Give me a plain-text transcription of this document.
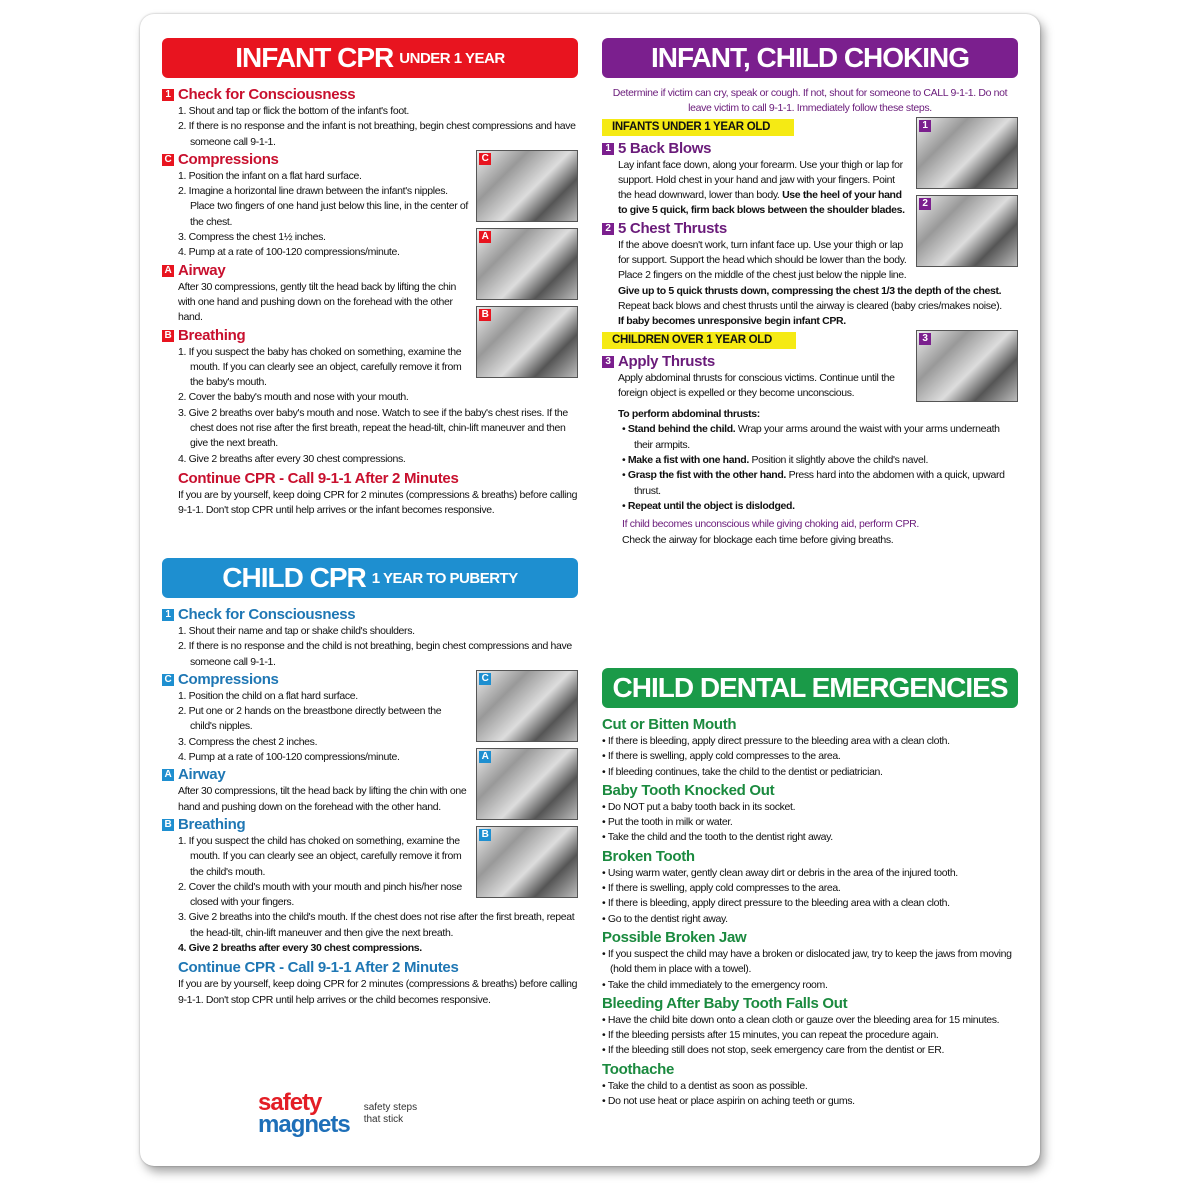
INFANT CPR UNDER 1 YEAR
1 Check for Consciousness
1. Shout and tap or flick the bottom of the infant's foot.
2. If there is no response and the infant is not breathing, begin chest compressions and have someone call 9-1-1.
C
A
B
C Compressions
1. Position the infant on a flat hard surface.
2. Imagine a horizontal line drawn between the infant's nipples. Place two fingers of one hand just below this line, in the center of the chest.
3. Compress the chest 1½ inches.
4. Pump at a rate of 100-120 compressions/minute.
A Airway
After 30 compressions, gently tilt the head back by lifting the chin with one hand and pushing down on the forehead with the other hand.
B Breathing
1. If you suspect the baby has choked on something, examine the mouth. If you can clearly see an object, carefully remove it from the baby's mouth.
2. Cover the baby's mouth and nose with your mouth.
3. Give 2 breaths over baby's mouth and nose. Watch to see if the baby's chest rises. If the chest does not rise after the first breath, repeat the head-tilt, chin-lift maneuver and then give the next breath.
4. Give 2 breaths after every 30 chest compressions.
Continue CPR - Call 9-1-1 After 2 Minutes
If you are by yourself, keep doing CPR for 2 minutes (compressions & breaths) before calling 9-1-1. Don't stop CPR until help arrives or the infant becomes responsive.
CHILD CPR 1 YEAR TO PUBERTY
1 Check for Consciousness
1. Shout their name and tap or shake child's shoulders.
2. If there is no response and the child is not breathing, begin chest compressions and have someone call 9-1-1.
C
A
B
C Compressions
1. Position the child on a flat hard surface.
2. Put one or 2 hands on the breastbone directly between the child's nipples.
3. Compress the chest 2 inches.
4. Pump at a rate of 100-120 compressions/minute.
A Airway
After 30 compressions, tilt the head back by lifting the chin with one hand and pushing down on the forehead with the other hand.
B Breathing
1. If you suspect the child has choked on something, examine the mouth. If you can clearly see an object, carefully remove it from the child's mouth.
2. Cover the child's mouth with your mouth and pinch his/her nose closed with your fingers.
3. Give 2 breaths into the child's mouth. If the chest does not rise after the first breath, repeat the head-tilt, chin-lift maneuver and then give the next breath.
4. Give 2 breaths after every 30 chest compressions.
Continue CPR - Call 9-1-1 After 2 Minutes
If you are by yourself, keep doing CPR for 2 minutes (compressions & breaths) before calling 9-1-1. Don't stop CPR until help arrives or the child becomes responsive.
INFANT, CHILD CHOKING
Determine if victim can cry, speak or cough. If not, shout for someone to CALL 9-1-1. Do not leave victim to call 9-1-1. Immediately follow these steps.
INFANTS UNDER 1 YEAR OLD	1
2
1 5 Back Blows
Lay infant face down, along your forearm. Use your thigh or lap for support. Hold chest in your hand and jaw with your fingers. Point the head downward, lower than body. Use the heel of your hand to give 5 quick, firm back blows between the shoulder blades.
2 5 Chest Thrusts
If the above doesn't work, turn infant face up. Use your thigh or lap for support. Support the head which should be lower than the body. Place 2 fingers on the middle of the chest just below the nipple line.
Give up to 5 quick thrusts down, compressing the chest 1/3 the depth of the chest.
Repeat back blows and chest thrusts until the airway is cleared (baby cries/makes noise).
If baby becomes unresponsive begin infant CPR.
CHILDREN OVER 1 YEAR OLD	3
3 Apply Thrusts
Apply abdominal thrusts for conscious victims. Continue until the foreign object is expelled or they become unconscious.
To perform abdominal thrusts:
• Stand behind the child. Wrap your arms around the waist with your arms underneath their armpits.
• Make a fist with one hand. Position it slightly above the child's navel.
• Grasp the fist with the other hand. Press hard into the abdomen with a quick, upward thrust.
• Repeat until the object is dislodged.
If child becomes unconscious while giving choking aid, perform CPR.
Check the airway for blockage each time before giving breaths.
CHILD DENTAL EMERGENCIES
Cut or Bitten Mouth
• If there is bleeding, apply direct pressure to the bleeding area with a clean cloth.
• If there is swelling, apply cold compresses to the area.
• If bleeding continues, take the child to the dentist or pediatrician.
Baby Tooth Knocked Out
• Do NOT put a baby tooth back in its socket.
• Put the tooth in milk or water.
• Take the child and the tooth to the dentist right away.
Broken Tooth
• Using warm water, gently clean away dirt or debris in the area of the injured tooth.
• If there is swelling, apply cold compresses to the area.
• If there is bleeding, apply direct pressure to the bleeding area with a clean cloth.
• Go to the dentist right away.
Possible Broken Jaw
• If you suspect the child may have a broken or dislocated jaw, try to keep the jaws from moving (hold them in place with a towel).
• Take the child immediately to the emergency room.
Bleeding After Baby Tooth Falls Out
• Have the child bite down onto a clean cloth or gauze over the bleeding area for 15 minutes.
• If the bleeding persists after 15 minutes, you can repeat the procedure again.
• If the bleeding still does not stop, seek emergency care from the dentist or ER.
Toothache
• Take the child to a dentist as soon as possible.
• Do not use heat or place aspirin on aching teeth or gums.
safety
magnets
safety steps
that stick
